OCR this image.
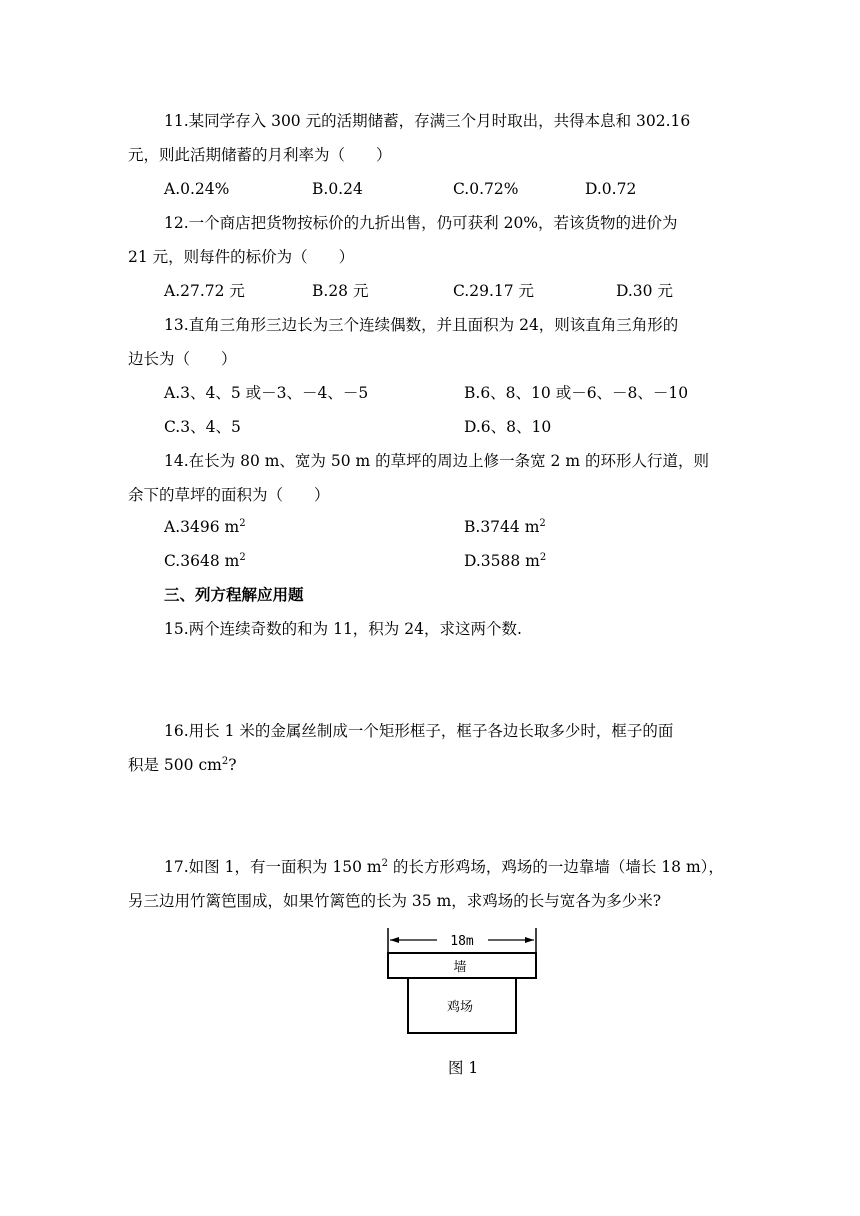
11.某同学存入 300 元的活期储蓄，存满三个月时取出，共得本息和 302.16
元，则此活期储蓄的月利率为（　　）
A.0.24%	B.0.24	C.0.72%	D.0.72
12.一个商店把货物按标价的九折出售，仍可获利 20%，若该货物的进价为
21 元，则每件的标价为（　　）
A.27.72 元	B.28 元	C.29.17 元	D.30 元
13.直角三角形三边长为三个连续偶数，并且面积为 24，则该直角三角形的
边长为（　　）
A.3、4、5 或－3、－4、－5	B.6、8、10 或－6、－8、－10
C.3、4、5	D.6、8、10
14.在长为 80 m、宽为 50 m 的草坪的周边上修一条宽 2 m 的环形人行道，则
余下的草坪的面积为（　　）
A.3496 $m^2$	B.3744 $m^2$
C.3648 $m^2$	D.3588 $m^2$
三、列方程解应用题
15.两个连续奇数的和为 11，积为 24，求这两个数.
16.用长 1 米的金属丝制成一个矩形框子，框子各边长取多少时，框子的面
积是 500 $cm^2$?
17.如图 1，有一面积为 150 $m^2$ 的长方形鸡场，鸡场的一边靠墙（墙长 18 m），
另三边用竹篱笆围成，如果竹篱笆的长为 35 m，求鸡场的长与宽各为多少米?
18m
墙
鸡场
图 1
